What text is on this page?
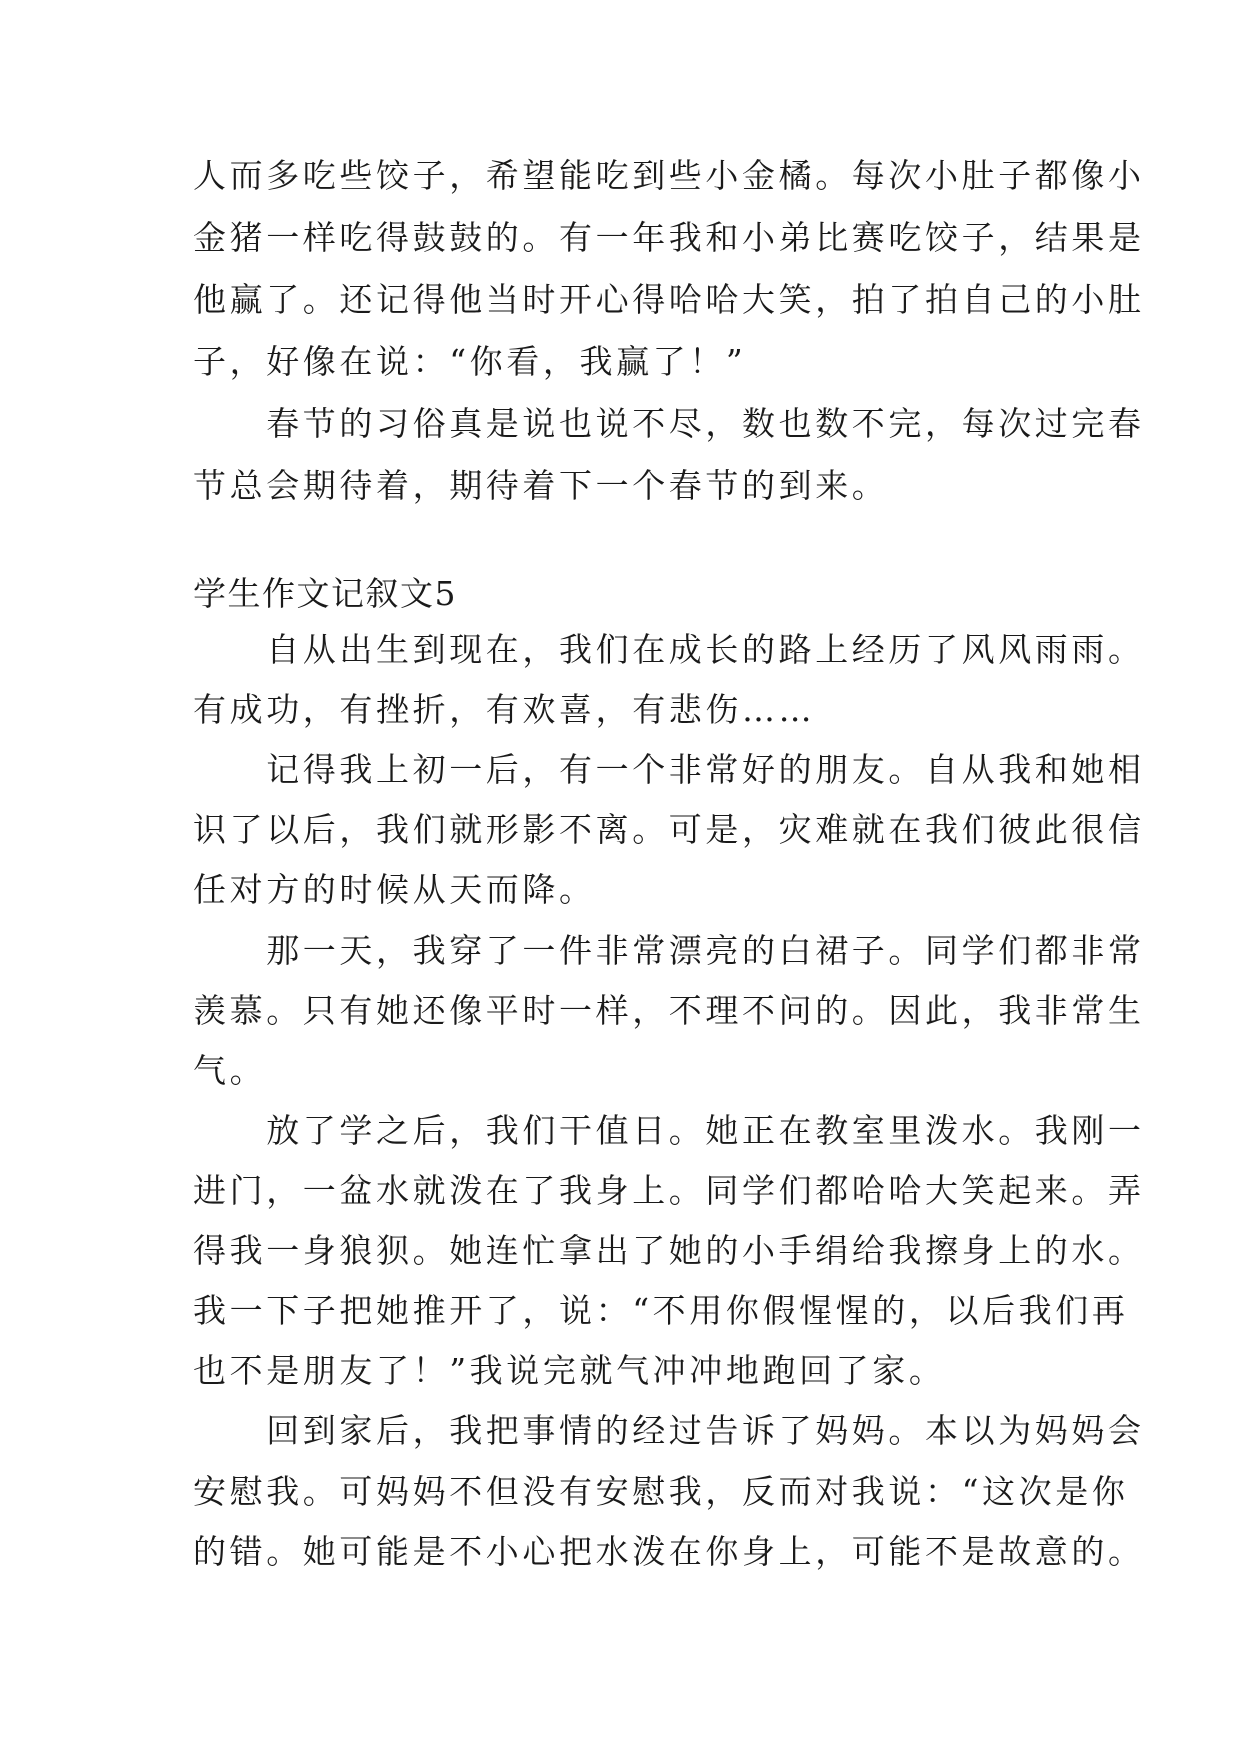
人而多吃些饺子，希望能吃到些小金橘。每次小肚子都像小
金猪一样吃得鼓鼓的。有一年我和小弟比赛吃饺子，结果是
他赢了。还记得他当时开心得哈哈大笑，拍了拍自己的小肚
子，好像在说：“你看，我赢了！”
　　春节的习俗真是说也说不尽，数也数不完，每次过完春
节总会期待着，期待着下一个春节的到来。
学生作文记叙文5
　　自从出生到现在，我们在成长的路上经历了风风雨雨。
有成功，有挫折，有欢喜，有悲伤……
　　记得我上初一后，有一个非常好的朋友。自从我和她相
识了以后，我们就形影不离。可是，灾难就在我们彼此很信
任对方的时候从天而降。
　　那一天，我穿了一件非常漂亮的白裙子。同学们都非常
羡慕。只有她还像平时一样，不理不问的。因此，我非常生
气。
　　放了学之后，我们干值日。她正在教室里泼水。我刚一
进门，一盆水就泼在了我身上。同学们都哈哈大笑起来。弄
得我一身狼狈。她连忙拿出了她的小手绢给我擦身上的水。
我一下子把她推开了，说：“不用你假惺惺的，以后我们再
也不是朋友了！”我说完就气冲冲地跑回了家。
　　回到家后，我把事情的经过告诉了妈妈。本以为妈妈会
安慰我。可妈妈不但没有安慰我，反而对我说：“这次是你
的错。她可能是不小心把水泼在你身上，可能不是故意的。
